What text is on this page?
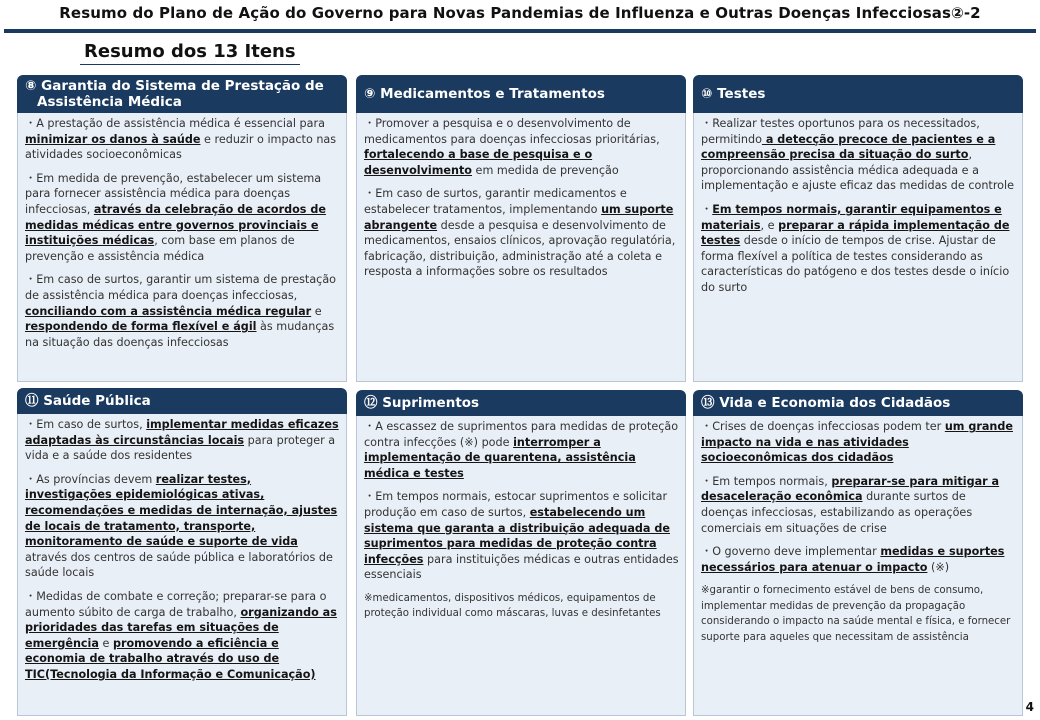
Resumo do Plano de Ação do Governo para Novas Pandemias de Influenza e Outras Doenças Infecciosas②-2
Resumo dos 13 Itens
⑧ Garantia do Sistema de Prestação de
Assistência Médica

・A prestação de assistência médica é essencial para minimizar os danos à saúde e reduzir o impacto nas atividades socioeconômicas

・Em medida de prevenção, estabelecer um sistema para fornecer assistência médica para doenças infecciosas, através da celebração de acordos de medidas médicas entre governos provinciais e instituições médicas, com base em planos de prevenção e assistência médica

・Em caso de surtos, garantir um sistema de prestação de assistência médica para doenças infecciosas, conciliando com a assistência médica regular e respondendo de forma flexível e ágil às mudanças na situação das doenças infecciosas

⑨ Medicamentos e Tratamentos

・Promover a pesquisa e o desenvolvimento de medicamentos para doenças infecciosas prioritárias, fortalecendo a base de pesquisa e o desenvolvimento em medida de prevenção

・Em caso de surtos, garantir medicamentos e estabelecer tratamentos, implementando um suporte abrangente desde a pesquisa e desenvolvimento de medicamentos, ensaios clínicos, aprovação regulatória, fabricação, distribuição, administração até a coleta e resposta a informações sobre os resultados

⑩ Testes

・Realizar testes oportunos para os necessitados, permitindo a detecção precoce de pacientes e a compreensão precisa da situação do surto, proporcionando assistência médica adequada e a implementação e ajuste eficaz das medidas de controle

・Em tempos normais, garantir equipamentos e materiais, e preparar a rápida implementação de testes desde o início de tempos de crise. Ajustar de forma flexível a política de testes considerando as características do patógeno e dos testes desde o início do surto

⑪ Saúde Pública

・Em caso de surtos, implementar medidas eficazes adaptadas às circunstâncias locais para proteger a vida e a saúde dos residentes

・As províncias devem realizar testes, investigações epidemiológicas ativas, recomendações e medidas de internação, ajustes de locais de tratamento, transporte, monitoramento de saúde e suporte de vida através dos centros de saúde pública e laboratórios de saúde locais

・Medidas de combate e correção; preparar-se para o aumento súbito de carga de trabalho, organizando as prioridades das tarefas em situações de emergência e promovendo a eficiência e economia de trabalho através do uso de TIC(Tecnologia da Informação e Comunicação)

⑫ Suprimentos

・A escassez de suprimentos para medidas de proteção contra infecções (※) pode interromper a implementação de quarentena, assistência médica e testes

・Em tempos normais, estocar suprimentos e solicitar produção em caso de surtos, estabelecendo um sistema que garanta a distribuição adequada de suprimentos para medidas de proteção contra infecções para instituições médicas e outras entidades essenciais

※medicamentos, dispositivos médicos, equipamentos de proteção individual como máscaras, luvas e desinfetantes

⑬ Vida e Economia dos Cidadãos

・Crises de doenças infecciosas podem ter um grande impacto na vida e nas atividades socioeconômicas dos cidadãos

・Em tempos normais, preparar-se para mitigar a desaceleração econômica durante surtos de doenças infecciosas, estabilizando as operações comerciais em situações de crise

・O governo deve implementar medidas e suportes necessários para atenuar o impacto (※)

※garantir o fornecimento estável de bens de consumo, implementar medidas de prevenção da propagação considerando o impacto na saúde mental e física, e fornecer suporte para aqueles que necessitam de assistência

4
